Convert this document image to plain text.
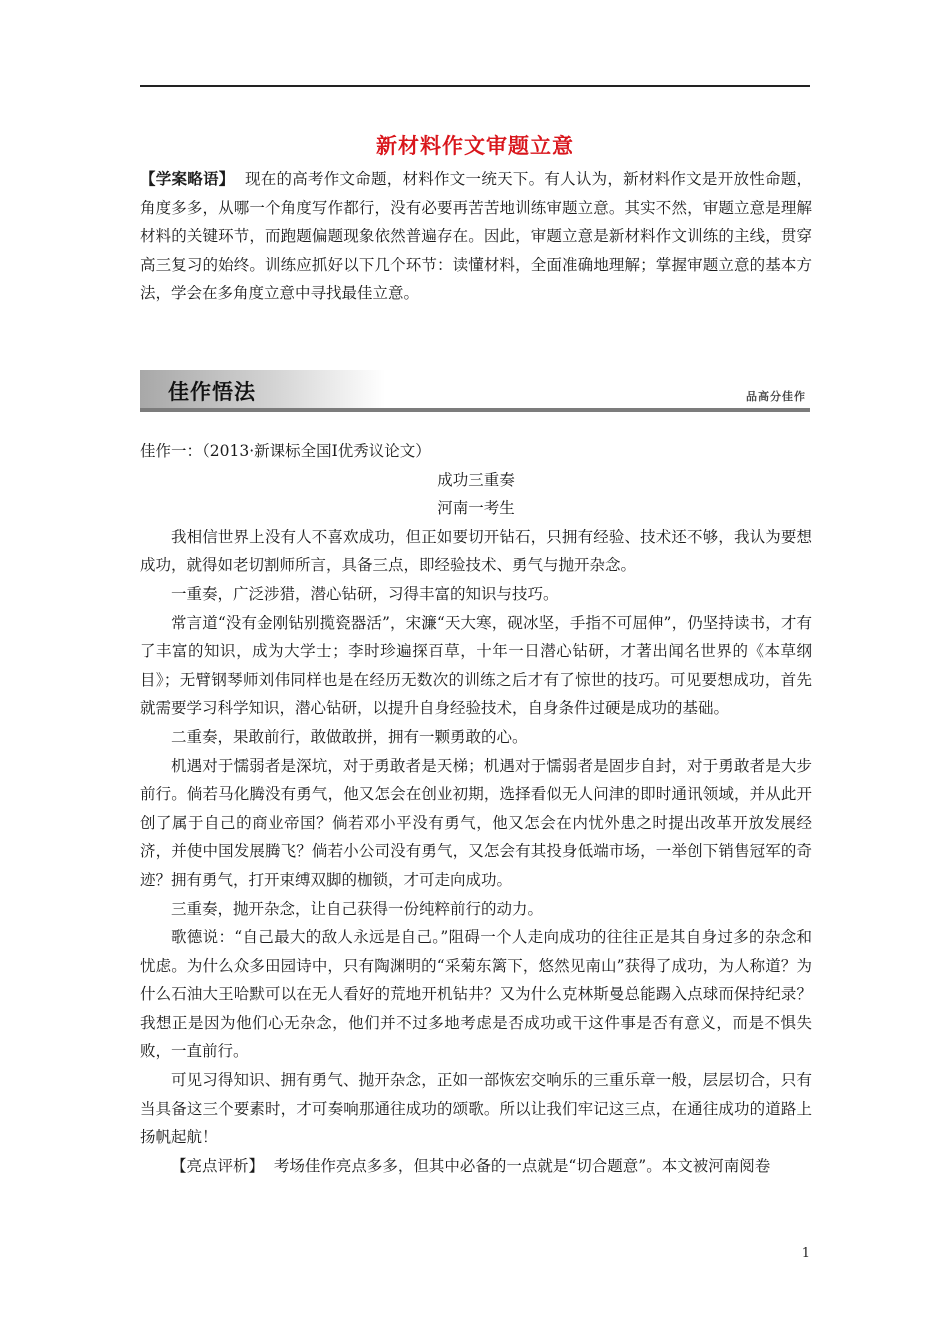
新材料作文审题立意

【学案略语】 现在的高考作文命题，材料作文一统天下。有人认为，新材料作文是开放性命题，角度多多，从哪一个角度写作都行，没有必要再苦苦地训练审题立意。其实不然，审题立意是理解材料的关键环节，而跑题偏题现象依然普遍存在。因此，审题立意是新材料作文训练的主线，贯穿高三复习的始终。训练应抓好以下几个环节：读懂材料，全面准确地理解；掌握审题立意的基本方法，学会在多角度立意中寻找最佳立意。

佳作悟法	品高分佳作

佳作一：（2013·新课标全国Ⅰ优秀议论文）

成功三重奏

河南一考生

我相信世界上没有人不喜欢成功，但正如要切开钻石，只拥有经验、技术还不够，我认为要想成功，就得如老切割师所言，具备三点，即经验技术、勇气与抛开杂念。

一重奏，广泛涉猎，潜心钻研，习得丰富的知识与技巧。

常言道“没有金刚钻别揽瓷器活”，宋濂“天大寒，砚冰坚，手指不可屈伸”，仍坚持读书，才有了丰富的知识，成为大学士；李时珍遍探百草，十年一日潜心钻研，才著出闻名世界的《本草纲目》；无臂钢琴师刘伟同样也是在经历无数次的训练之后才有了惊世的技巧。可见要想成功，首先就需要学习科学知识，潜心钻研，以提升自身经验技术，自身条件过硬是成功的基础。

二重奏，果敢前行，敢做敢拼，拥有一颗勇敢的心。

机遇对于懦弱者是深坑，对于勇敢者是天梯；机遇对于懦弱者是固步自封，对于勇敢者是大步前行。倘若马化腾没有勇气，他又怎会在创业初期，选择看似无人问津的即时通讯领域，并从此开创了属于自己的商业帝国？倘若邓小平没有勇气，他又怎会在内忧外患之时提出改革开放发展经济，并使中国发展腾飞？倘若小公司没有勇气，又怎会有其投身低端市场，一举创下销售冠军的奇迹？拥有勇气，打开束缚双脚的枷锁，才可走向成功。

三重奏，抛开杂念，让自己获得一份纯粹前行的动力。

歌德说：“自己最大的敌人永远是自己。”阻碍一个人走向成功的往往正是其自身过多的杂念和忧虑。为什么众多田园诗中，只有陶渊明的“采菊东篱下，悠然见南山”获得了成功，为人称道？为什么石油大王哈默可以在无人看好的荒地开机钻井？又为什么克林斯曼总能踢入点球而保持纪录？我想正是因为他们心无杂念，他们并不过多地考虑是否成功或干这件事是否有意义，而是不惧失败，一直前行。

可见习得知识、拥有勇气、抛开杂念，正如一部恢宏交响乐的三重乐章一般，层层切合，只有当具备这三个要素时，才可奏响那通往成功的颂歌。所以让我们牢记这三点，在通往成功的道路上扬帆起航！

【亮点评析】 考场佳作亮点多多，但其中必备的一点就是“切合题意”。本文被河南阅卷

1
